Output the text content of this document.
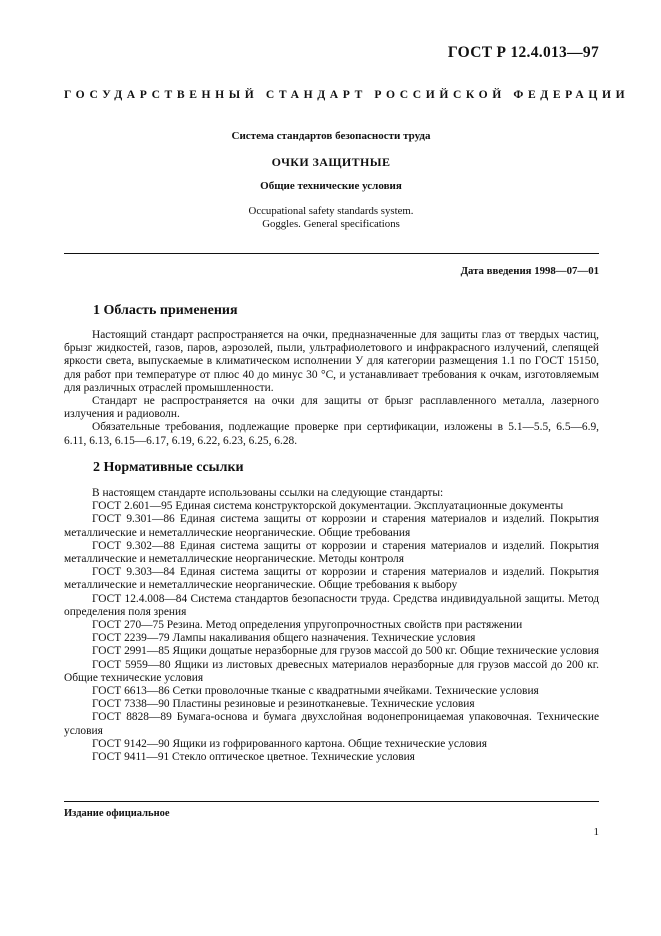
ГОСТ Р 12.4.013—97
ГОСУДАРСТВЕННЫЙ СТАНДАРТ РОССИЙСКОЙ ФЕДЕРАЦИИ
Система стандартов безопасности труда
ОЧКИ ЗАЩИТНЫЕ
Общие технические условия
Occupational safety standards system.
Goggles. General specifications
Дата введения 1998—07—01
1 Область применения

Настоящий стандарт распространяется на очки, предназначенные для защиты глаз от твердых частиц, брызг жидкостей, газов, паров, аэрозолей, пыли, ультрафиолетового и инфракрасного излучений, слепящей яркости света, выпускаемые в климатическом исполнении У для категории размещения 1.1 по ГОСТ 15150, для работ при температуре от плюс 40 до минус 30 °С, и устанавливает требования к очкам, изготовляемым для различных отраслей промышленности.

Стандарт не распространяется на очки для защиты от брызг расплавленного металла, лазерного излучения и радиоволн.

Обязательные требования, подлежащие проверке при сертификации, изложены в 5.1—5.5, 6.5—6.9, 6.11, 6.13, 6.15—6.17, 6.19, 6.22, 6.23, 6.25, 6.28.

2 Нормативные ссылки

В настоящем стандарте использованы ссылки на следующие стандарты:

ГОСТ 2.601—95 Единая система конструкторской документации. Эксплуатационные документы

ГОСТ 9.301—86 Единая система защиты от коррозии и старения материалов и изделий. Покрытия металлические и неметаллические неорганические. Общие требования

ГОСТ 9.302—88 Единая система защиты от коррозии и старения материалов и изделий. Покрытия металлические и неметаллические неорганические. Методы контроля

ГОСТ 9.303—84 Единая система защиты от коррозии и старения материалов и изделий. Покрытия металлические и неметаллические неорганические. Общие требования к выбору

ГОСТ 12.4.008—84 Система стандартов безопасности труда. Средства индивидуальной защиты. Метод определения поля зрения

ГОСТ 270—75 Резина. Метод определения упругопрочностных свойств при растяжении

ГОСТ 2239—79 Лампы накаливания общего назначения. Технические условия

ГОСТ 2991—85 Ящики дощатые неразборные для грузов массой до 500 кг. Общие технические условия

ГОСТ 5959—80 Ящики из листовых древесных материалов неразборные для грузов массой до 200 кг. Общие технические условия

ГОСТ 6613—86 Сетки проволочные тканые с квадратными ячейками. Технические условия

ГОСТ 7338—90 Пластины резиновые и резинотканевые. Технические условия

ГОСТ 8828—89 Бумага-основа и бумага двухслойная водонепроницаемая упаковочная. Технические условия

ГОСТ 9142—90 Ящики из гофрированного картона. Общие технические условия

ГОСТ 9411—91 Стекло оптическое цветное. Технические условия

Издание официальное
1
